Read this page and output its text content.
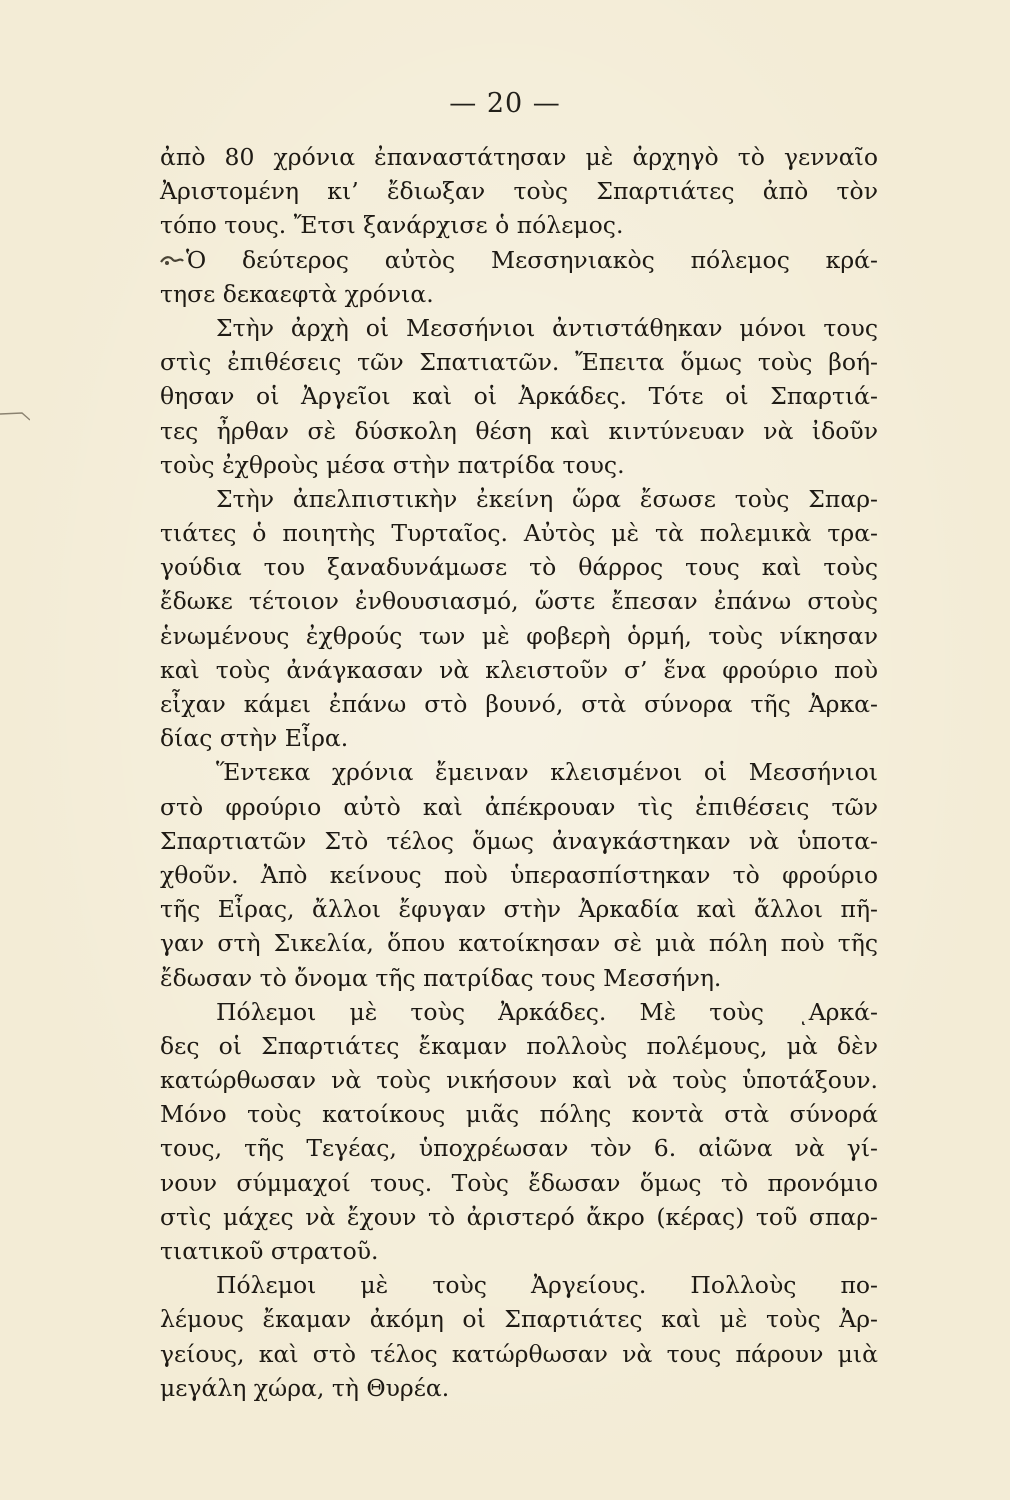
— 20 —
ἀπὸ 80 χρόνια ἐπαναστάτησαν μὲ ἀρχηγὸ τὸ γενναῖο
Ἀριστομένη κι’ ἔδιωξαν τοὺς Σπαρτιάτες ἀπὸ τὸν
τόπο τους. Ἔτσι ξανάρχισε ὁ πόλεμος.
Ὁ δεύτερος αὐτὸς Μεσσηνιακὸς πόλεμος κρά-
τησε δεκαεφτὰ χρόνια.
Στὴν ἀρχὴ οἱ Μεσσήνιοι ἀντιστάθηκαν μόνοι τους
στὶς ἐπιθέσεις τῶν Σπατιατῶν. Ἔπειτα ὅμως τοὺς βοή-
θησαν οἱ Ἀργεῖοι καὶ οἱ Ἀρκάδες. Τότε οἱ Σπαρτιά-
τες ἦρθαν σὲ δύσκολη θέση καὶ κιντύνευαν νὰ ἰδοῦν
τοὺς ἐχθροὺς μέσα στὴν πατρίδα τους.
Στὴν ἀπελπιστικὴν ἐκείνη ὥρα ἔσωσε τοὺς Σπαρ-
τιάτες ὁ ποιητὴς Τυρταῖος. Αὐτὸς μὲ τὰ πολεμικὰ τρα-
γούδια του ξαναδυνάμωσε τὸ θάρρος τους καὶ τοὺς
ἔδωκε τέτοιον ἐνθουσιασμό, ὥστε ἔπεσαν ἐπάνω στοὺς
ἑνωμένους ἐχθρούς των μὲ φοβερὴ ὁρμή, τοὺς νίκησαν
καὶ τοὺς ἀνάγκασαν νὰ κλειστοῦν σ’ ἕνα φρούριο ποὺ
εἶχαν κάμει ἐπάνω στὸ βουνό, στὰ σύνορα τῆς Ἀρκα-
δίας στὴν Εἶρα.
Ἕντεκα χρόνια ἔμειναν κλεισμένοι οἱ Μεσσήνιοι
στὸ φρούριο αὐτὸ καὶ ἀπέκρουαν τὶς ἐπιθέσεις τῶν
Σπαρτιατῶν Στὸ τέλος ὅμως ἀναγκάστηκαν νὰ ὑποτα-
χθοῦν. Ἀπὸ κείνους ποὺ ὑπερασπίστηκαν τὸ φρούριο
τῆς Εἶρας, ἄλλοι ἔφυγαν στὴν Ἀρκαδία καὶ ἄλλοι πῆ-
γαν στὴ Σικελία, ὅπου κατοίκησαν σὲ μιὰ πόλη ποὺ τῆς
ἔδωσαν τὸ ὄνομα τῆς πατρίδας τους Μεσσήνη.
Πόλεμοι μὲ τοὺς Ἀρκάδες. Μὲ τοὺς ͺΑρκά-
δες οἱ Σπαρτιάτες ἔκαμαν πολλοὺς πολέμους, μὰ δὲν
κατώρθωσαν νὰ τοὺς νικήσουν καὶ νὰ τοὺς ὑποτάξουν.
Μόνο τοὺς κατοίκους μιᾶς πόλης κοντὰ στὰ σύνορά
τους, τῆς Τεγέας, ὑποχρέωσαν τὸν 6. αἰῶνα νὰ γί-
νουν σύμμαχοί τους. Τοὺς ἔδωσαν ὅμως τὸ προνόμιο
στὶς μάχες νὰ ἔχουν τὸ ἀριστερό ἄκρο (κέρας) τοῦ σπαρ-
τιατικοῦ στρατοῦ.
Πόλεμοι μὲ τοὺς Ἀργείους. Πολλοὺς πο-
λέμους ἔκαμαν ἀκόμη οἱ Σπαρτιάτες καὶ μὲ τοὺς Ἀρ-
γείους, καὶ στὸ τέλος κατώρθωσαν νὰ τους πάρουν μιὰ
μεγάλη χώρα, τὴ Θυρέα.
